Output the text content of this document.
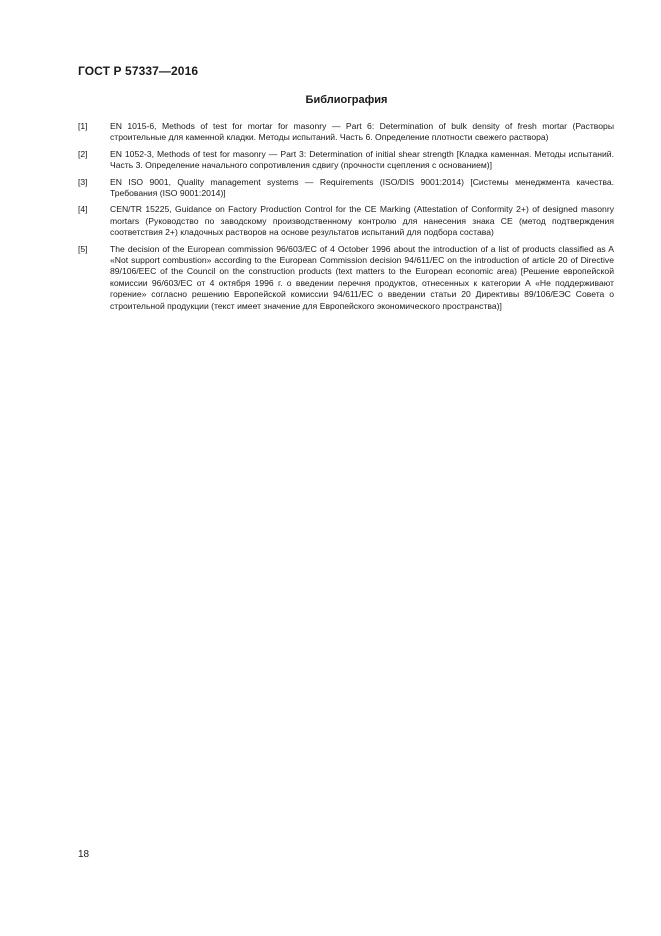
ГОСТ Р 57337—2016
Библиография
[1]	EN 1015-6, Methods of test for mortar for masonry — Part 6: Determination of bulk density of fresh mortar (Растворы строительные для каменной кладки. Методы испытаний. Часть 6. Определение плотности свежего раствора)
[2]	EN 1052-3, Methods of test for masonry — Part 3: Determination of initial shear strength [Кладка каменная. Методы испытаний. Часть 3. Определение начального сопротивления сдвигу (прочности сцепления с основанием)]
[3]	EN ISO 9001, Quality management systems — Requirements (ISO/DIS 9001:2014) [Системы менеджмента качества. Требования (ISO 9001:2014)]
[4]	CEN/TR 15225, Guidance on Factory Production Control for the CE Marking (Attestation of Conformity 2+) of designed masonry mortars (Руководство по заводскому производственному контролю для нанесения знака CE (метод подтверждения соответствия 2+) кладочных растворов на основе результатов испытаний для подбора состава)
[5]	The decision of the European commission 96/603/EC of 4 October 1996 about the introduction of a list of products classified as A «Not support combustion» according to the European Commission decision 94/611/EC on the introduction of article 20 of Directive 89/106/EEC of the Council on the construction products (text matters to the European economic area) [Решение европейской комиссии 96/603/EC от 4 октября 1996 г. о введении перечня продуктов, отнесенных к категории А «Не поддерживают горение» согласно решению Европейской комиссии 94/611/EC о введении статьи 20 Директивы 89/106/ЕЭС Совета о строительной продукции (текст имеет значение для Европейского экономического пространства)]
18
